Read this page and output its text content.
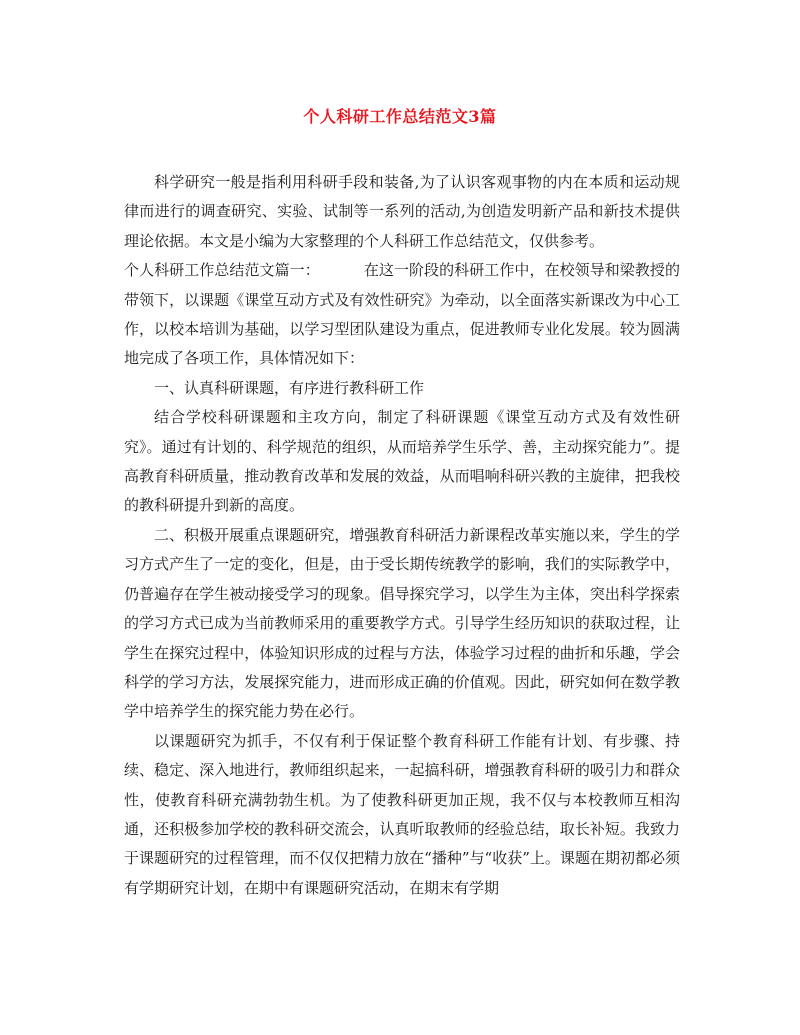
个人科研工作总结范文3篇

科学研究一般是指利用科研手段和装备,为了认识客观事物的内在本质和运动规律而进行的调查研究、实验、试制等一系列的活动,为创造发明新产品和新技术提供理论依据。本文是小编为大家整理的个人科研工作总结范文，仅供参考。

个人科研工作总结范文篇一：	在这一阶段的科研工作中，在校领导和梁教授的带领下，以课题《课堂互动方式及有效性研究》为牵动，以全面落实新课改为中心工作，以校本培训为基础，以学习型团队建设为重点，促进教师专业化发展。较为圆满地完成了各项工作，具体情况如下：

一、认真科研课题，有序进行教科研工作

结合学校科研课题和主攻方向，制定了科研课题《课堂互动方式及有效性研究》。通过有计划的、科学规范的组织，从而培养学生乐学、善，主动探究能力”。提高教育科研质量，推动教育改革和发展的效益，从而唱响科研兴教的主旋律，把我校的教科研提升到新的高度。

二、积极开展重点课题研究，增强教育科研活力新课程改革实施以来，学生的学习方式产生了一定的变化，但是，由于受长期传统教学的影响，我们的实际教学中，仍普遍存在学生被动接受学习的现象。倡导探究学习，以学生为主体，突出科学探索的学习方式已成为当前教师采用的重要教学方式。引导学生经历知识的获取过程，让学生在探究过程中，体验知识形成的过程与方法，体验学习过程的曲折和乐趣，学会科学的学习方法，发展探究能力，进而形成正确的价值观。因此，研究如何在数学教学中培养学生的探究能力势在必行。

以课题研究为抓手，不仅有利于保证整个教育科研工作能有计划、有步骤、持续、稳定、深入地进行，教师组织起来，一起搞科研，增强教育科研的吸引力和群众性，使教育科研充满勃勃生机。为了使教科研更加正规，我不仅与本校教师互相沟通，还积极参加学校的教科研交流会，认真听取教师的经验总结，取长补短。我致力于课题研究的过程管理，而不仅仅把精力放在“播种”与“收获”上。课题在期初都必须有学期研究计划，在期中有课题研究活动，在期末有学期
